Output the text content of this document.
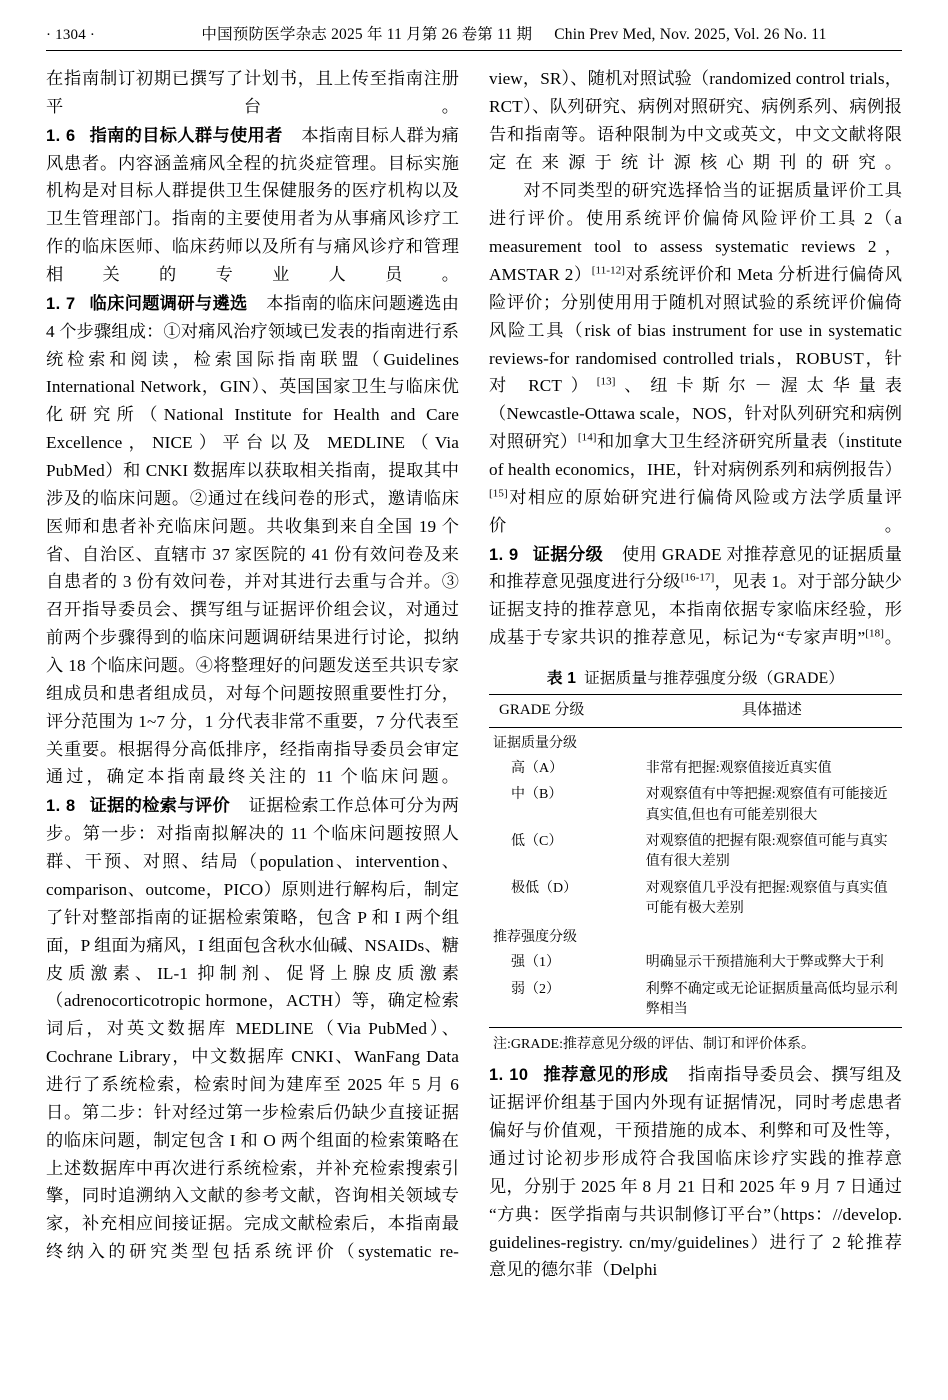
· 1304 ·	中国预防医学杂志 2025 年 11 月第 26 卷第 11 期 Chin Prev Med, Nov. 2025, Vol. 26 No. 11

在指南制订初期已撰写了计划书，且上传至指南注册平台。

1. 6 指南的目标人群与使用者 本指南目标人群为痛风患者。内容涵盖痛风全程的抗炎症管理。目标实施机构是对目标人群提供卫生保健服务的医疗机构以及卫生管理部门。指南的主要使用者为从事痛风诊疗工作的临床医师、临床药师以及所有与痛风诊疗和管理相关的专业人员。

1. 7 临床问题调研与遴选 本指南的临床问题遴选由 4 个步骤组成：①对痛风治疗领域已发表的指南进行系统检索和阅读，检索国际指南联盟（Guidelines International Network，GIN）、英国国家卫生与临床优化研究所（National Institute for Health and Care Excellence，NICE）平台以及 MEDLINE（Via PubMed）和 CNKI 数据库以获取相关指南，提取其中涉及的临床问题。②通过在线问卷的形式，邀请临床医师和患者补充临床问题。共收集到来自全国 19 个省、自治区、直辖市 37 家医院的 41 份有效问卷及来自患者的 3 份有效问卷，并对其进行去重与合并。③召开指导委员会、撰写组与证据评价组会议，对通过前两个步骤得到的临床问题调研结果进行讨论，拟纳入 18 个临床问题。④将整理好的问题发送至共识专家组成员和患者组成员，对每个问题按照重要性打分，评分范围为 1~7 分，1 分代表非常不重要，7 分代表至关重要。根据得分高低排序，经指南指导委员会审定通过，确定本指南最终关注的 11 个临床问题。

1. 8 证据的检索与评价 证据检索工作总体可分为两步。第一步：对指南拟解决的 11 个临床问题按照人群、干预、对照、结局（population、intervention、comparison、outcome，PICO）原则进行解构后，制定了针对整部指南的证据检索策略，包含 P 和 I 两个组面，P 组面为痛风，I 组面包含秋水仙碱、NSAIDs、糖皮质激素、IL‑1 抑制剂、促肾上腺皮质激素（adrenocorticotropic hormone，ACTH）等，确定检索词后，对英文数据库 MEDLINE（Via PubMed）、Cochrane Library，中文数据库 CNKI、WanFang Data 进行了系统检索，检索时间为建库至 2025 年 5 月 6 日。第二步：针对经过第一步检索后仍缺少直接证据的临床问题，制定包含 I 和 O 两个组面的检索策略在上述数据库中再次进行系统检索，并补充检索搜索引擎，同时追溯纳入文献的参考文献，咨询相关领域专家，补充相应间接证据。完成文献检索后，本指南最终纳入的研究类型包括系统评价（systematic re-

view，SR）、随机对照试验（randomized control trials，RCT）、队列研究、病例对照研究、病例系列、病例报告和指南等。语种限制为中文或英文，中文文献将限定在来源于统计源核心期刊的研究。

对不同类型的研究选择恰当的证据质量评价工具进行评价。使用系统评价偏倚风险评价工具 2（a measurement tool to assess systematic reviews 2，AMSTAR 2）[11-12]对系统评价和 Meta 分析进行偏倚风险评价；分别使用用于随机对照试验的系统评价偏倚风险工具（risk of bias instrument for use in systematic reviews‑for randomised controlled trials，ROBUST，针对 RCT）[13]、纽卡斯尔－渥太华量表（Newcastle‑Ottawa scale，NOS，针对队列研究和病例对照研究）[14]和加拿大卫生经济研究所量表（institute of health economics，IHE，针对病例系列和病例报告）[15]对相应的原始研究进行偏倚风险或方法学质量评价。

1. 9 证据分级 使用 GRADE 对推荐意见的证据质量和推荐意见强度进行分级[16-17]，见表 1。对于部分缺少证据支持的推荐意见，本指南依据专家临床经验，形成基于专家共识的推荐意见，标记为“专家声明”[18]。

表 1 证据质量与推荐强度分级（GRADE）
GRADE 分级	具体描述
证据质量分级	
高（A）	非常有把握:观察值接近真实值
中（B）	对观察值有中等把握:观察值有可能接近真实值,但也有可能差别很大
低（C）	对观察值的把握有限:观察值可能与真实值有很大差别
极低（D）	对观察值几乎没有把握:观察值与真实值可能有极大差别
推荐强度分级	
强（1）	明确显示干预措施利大于弊或弊大于利
弱（2）	利弊不确定或无论证据质量高低均显示利弊相当
注:GRADE:推荐意见分级的评估、制订和评价体系。

1. 10 推荐意见的形成 指南指导委员会、撰写组及证据评价组基于国内外现有证据情况，同时考虑患者偏好与价值观，干预措施的成本、利弊和可及性等，通过讨论初步形成符合我国临床诊疗实践的推荐意见，分别于 2025 年 8 月 21 日和 2025 年 9 月 7 日通过“方典：医学指南与共识制修订平台”（https：//develop. guidelines‑registry. cn/my/guidelines）进行了 2 轮推荐意见的德尔菲（Delphi
